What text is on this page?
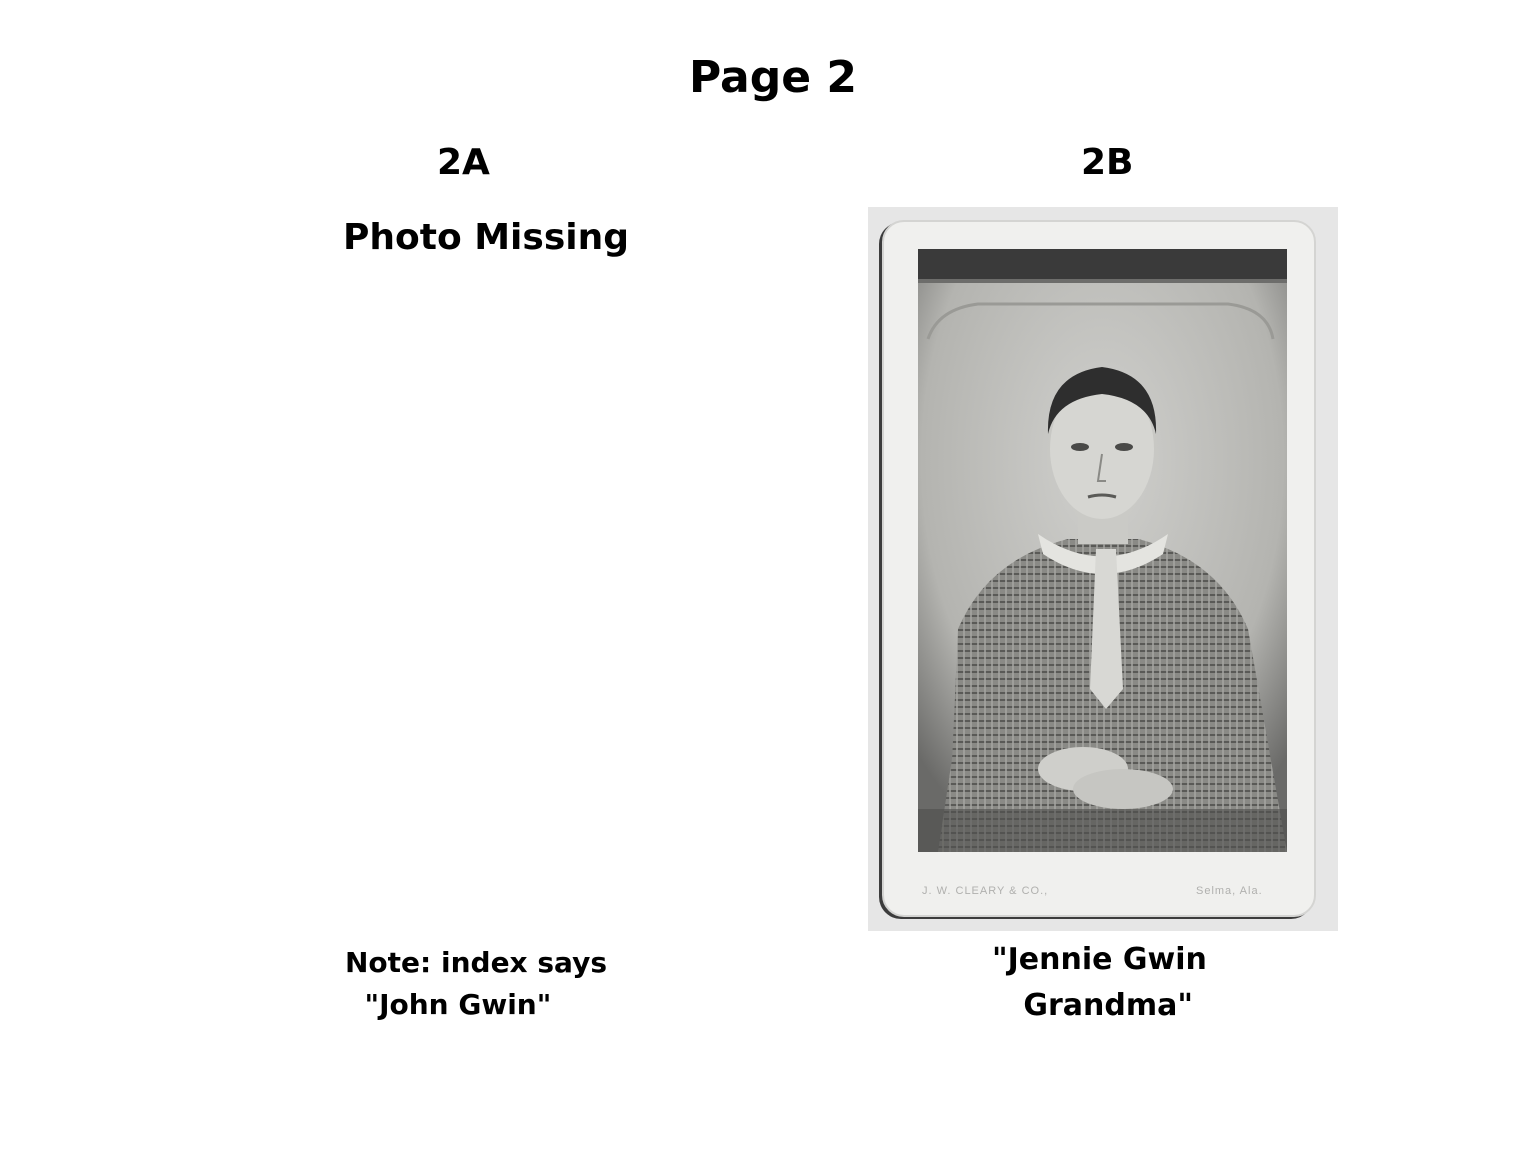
Page 2
2A
Photo Missing
Note: index says
"John Gwin"
2B
J. W. CLEARY & CO.,	Selma, Ala.
"Jennie Gwin
Grandma"
